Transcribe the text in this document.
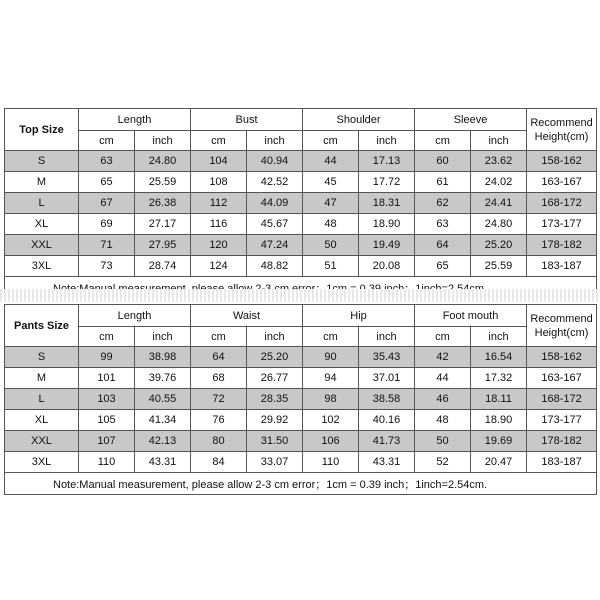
Top Size	Length		Bust		Shoulder		Sleeve		Recommend
Height(cm)
	cm	inch	cm	inch	cm	inch	cm	inch	
S	63	24.80	104	40.94	44	17.13	60	23.62	158-162
M	65	25.59	108	42.52	45	17.72	61	24.02	163-167
L	67	26.38	112	44.09	47	18.31	62	24.41	168-172
XL	69	27.17	116	45.67	48	18.90	63	24.80	173-177
XXL	71	27.95	120	47.24	50	19.49	64	25.20	178-182
3XL	73	28.74	124	48.82	51	20.08	65	25.59	183-187

Pants Size	Length		Waist		Hip		Foot mouth		Recommend
Height(cm)
	cm	inch	cm	inch	cm	inch	cm	inch	
S	99	38.98	64	25.20	90	35.43	42	16.54	158-162
M	101	39.76	68	26.77	94	37.01	44	17.32	163-167
L	103	40.55	72	28.35	98	38.58	46	18.11	168-172
XL	105	41.34	76	29.92	102	40.16	48	18.90	173-177
XXL	107	42.13	80	31.50	106	41.73	50	19.69	178-182
3XL	110	43.31	84	33.07	110	43.31	52	20.47	183-187
Note:Manual measurement, please allow 2-3 cm error；1cm = 0.39 inch；1inch=2.54cm.									
